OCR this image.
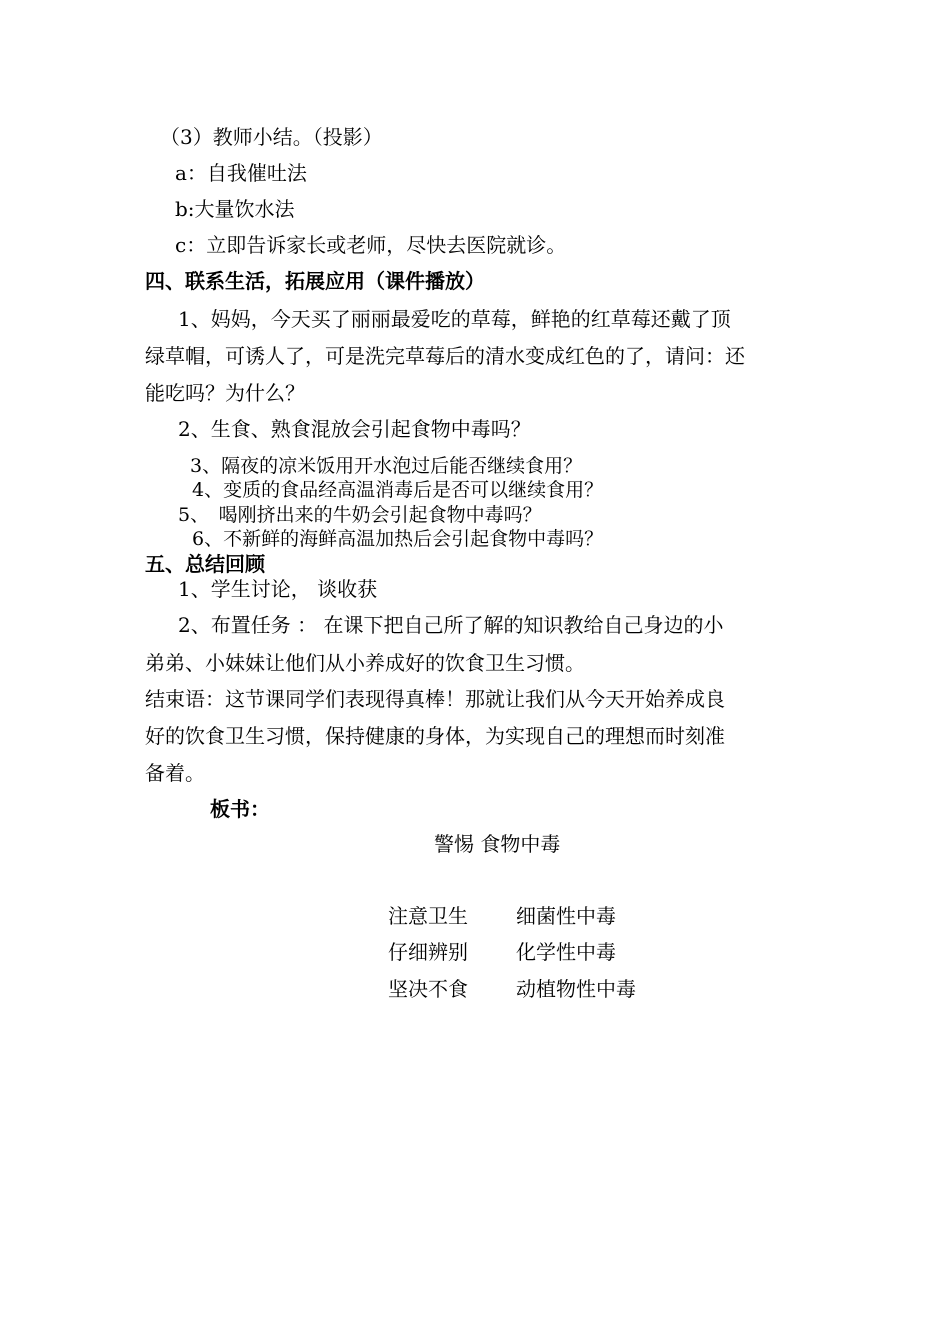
（3）教师小结。（投影）
a：自我催吐法
b:大量饮水法
c：立即告诉家长或老师，尽快去医院就诊。
四、联系生活，拓展应用（课件播放）
1、妈妈，今天买了丽丽最爱吃的草莓，鲜艳的红草莓还戴了顶
绿草帽，可诱人了，可是洗完草莓后的清水变成红色的了，请问：还
能吃吗？为什么？
2、生食、熟食混放会引起食物中毒吗？
3、隔夜的凉米饭用开水泡过后能否继续食用？
4、变质的食品经高温消毒后是否可以继续食用？
5、　喝刚挤出来的牛奶会引起食物中毒吗？
6、不新鲜的海鲜高温加热后会引起食物中毒吗？
五、总结回顾
1、学生讨论， 谈收获
2、布置任务 ： 在课下把自己所了解的知识教给自己身边的小
弟弟、小妹妹让他们从小养成好的饮食卫生习惯。
结束语：这节课同学们表现得真棒！那就让我们从今天开始养成良
好的饮食卫生习惯，保持健康的身体，为实现自己的理想而时刻准
备着。
板书：
警惕 食物中毒
注意卫生 细菌性中毒
仔细辨别 化学性中毒
坚决不食 动植物性中毒
